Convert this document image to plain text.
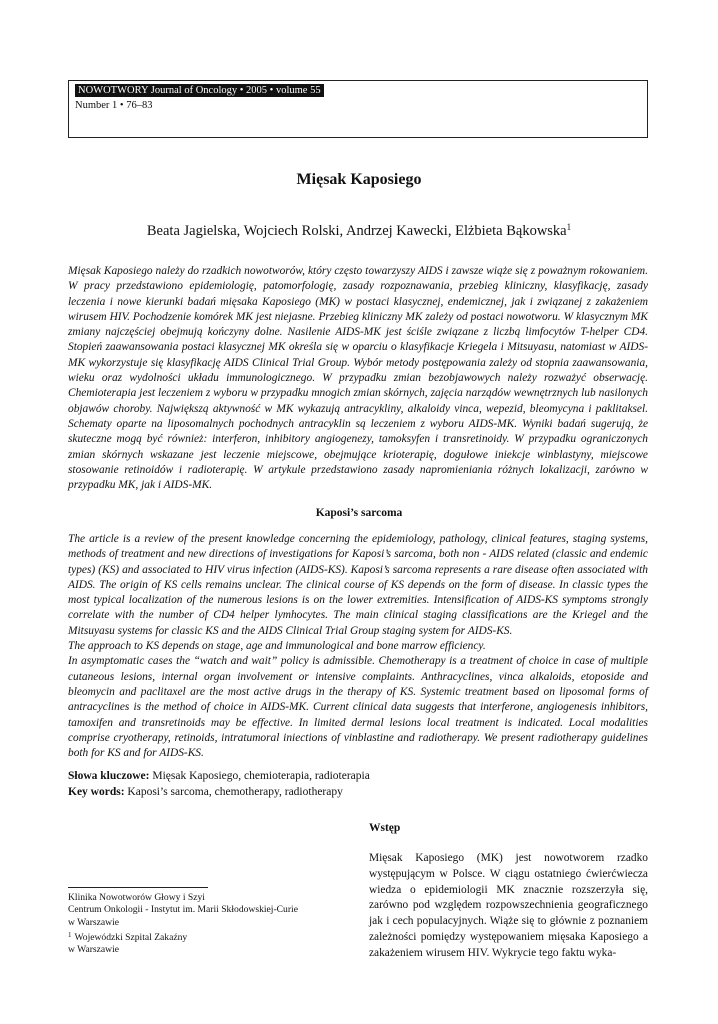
NOWOTWORY Journal of Oncology • 2005 • volume 55
Number 1 • 76–83
Mięsak Kaposiego
Beata Jagielska, Wojciech Rolski, Andrzej Kawecki, Elżbieta Bąkowska$^1$

Mięsak Kaposiego należy do rzadkich nowotworów, który często towarzyszy AIDS i zawsze wiąże się z poważnym rokowaniem. W pracy przedstawiono epidemiologię, patomorfologię, zasady rozpoznawania, przebieg kliniczny, klasyfikację, zasady leczenia i nowe kierunki badań mięsaka Kaposiego (MK) w postaci klasycznej, endemicznej, jak i związanej z zakażeniem wirusem HIV. Pochodzenie komórek MK jest niejasne. Przebieg kliniczny MK zależy od postaci nowotworu. W klasycznym MK zmiany najczęściej obejmują kończyny dolne. Nasilenie AIDS-MK jest ściśle związane z liczbą limfocytów T-helper CD4. Stopień zaawansowania postaci klasycznej MK określa się w oparciu o klasyfikacje Kriegela i Mitsuyasu, natomiast w AIDS-MK wykorzystuje się klasyfikację AIDS Clinical Trial Group. Wybór metody postępowania zależy od stopnia zaawansowania, wieku oraz wydolności układu immunologicznego. W przypadku zmian bezobjawowych należy rozważyć obserwację. Chemioterapia jest leczeniem z wyboru w przypadku mnogich zmian skórnych, zajęcia narządów wewnętrznych lub nasilonych objawów choroby. Największą aktywność w MK wykazują antracykliny, alkaloidy vinca, wepezid, bleomycyna i paklitaksel. Schematy oparte na liposomalnych pochodnych antracyklin są leczeniem z wyboru AIDS-MK. Wyniki badań sugerują, że skuteczne mogą być również: interferon, inhibitory angiogenezy, tamoksyfen i transretinoidy. W przypadku ograniczonych zmian skórnych wskazane jest leczenie miejscowe, obejmujące krioterapię, dogułowe iniekcje winblastyny, miejscowe stosowanie retinoidów i radioterapię. W artykule przedstawiono zasady napromieniania różnych lokalizacji, zarówno w przypadku MK, jak i AIDS-MK.

Kaposi’s sarcoma

The article is a review of the present knowledge concerning the epidemiology, pathology, clinical features, staging systems, methods of treatment and new directions of investigations for Kaposi’s sarcoma, both non - AIDS related (classic and endemic types) (KS) and associated to HIV virus infection (AIDS-KS). Kaposi’s sarcoma represents a rare disease often associated with AIDS. The origin of KS cells remains unclear. The clinical course of KS depends on the form of disease. In classic types the most typical localization of the numerous lesions is on the lower extremities. Intensification of AIDS-KS symptoms strongly correlate with the number of CD4 helper lymhocytes. The main clinical staging classifications are the Kriegel and the Mitsuyasu systems for classic KS and the AIDS Clinical Trial Group staging system for AIDS-KS.

The approach to KS depends on stage, age and immunological and bone marrow efficiency.

In asymptomatic cases the “watch and wait” policy is admissible. Chemotherapy is a treatment of choice in case of multiple cutaneous lesions, internal organ involvement or intensive complaints. Anthracyclines, vinca alkaloids, etoposide and bleomycin and paclitaxel are the most active drugs in the therapy of KS. Systemic treatment based on liposomal forms of antracyclines is the method of choice in AIDS-MK. Current clinical data suggests that interferone, angiogenesis inhibitors, tamoxifen and transretinoids may be effective. In limited dermal lesions local treatment is indicated. Local modalities comprise cryotherapy, retinoids, intratumoral iniections of vinblastine and radiotherapy. We present radiotherapy guidelines both for KS and for AIDS-KS.

Słowa kluczowe: Mięsak Kaposiego, chemioterapia, radioterapia
Key words: Kaposi’s sarcoma, chemotherapy, radiotherapy
Wstęp

Mięsak Kaposiego (MK) jest nowotworem rzadko występującym w Polsce. W ciągu ostatniego ćwierćwiecza wiedza o epidemiologii MK znacznie rozszerzyła się, zarówno pod względem rozpowszechnienia geograficznego jak i cech populacyjnych. Wiąże się to głównie z poznaniem zależności pomiędzy występowaniem mięsaka Kaposiego a zakażeniem wirusem HIV. Wykrycie tego faktu wyka-

Klinika Nowotworów Głowy i Szyi
Centrum Onkologii - Instytut im. Marii Skłodowskiej-Curie
w Warszawie
$^1$ Wojewódzki Szpital Zakaźny
w Warszawie
